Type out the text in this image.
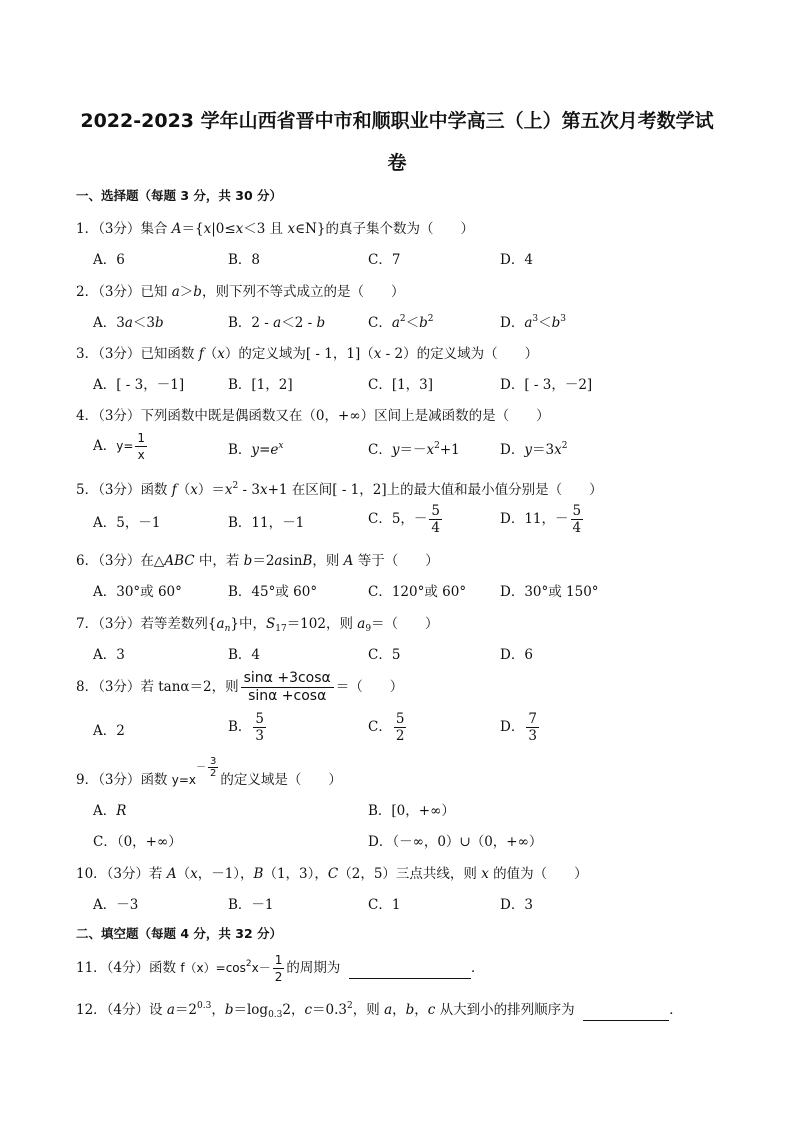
2022-2023 学年山西省晋中市和顺职业中学高三（上）第五次月考数学试
卷
一、选择题（每题 3 分，共 30 分）
1．（3分）集合 A＝{x|0≤x＜3 且 x∈N}的真子集个数为（　　）
A．6	B．8	C．7	D．4
2．（3分）已知 a＞b，则下列不等式成立的是（　　）
A．3a＜3b	B．2 - a＜2 - b	C．$a^2<b^2$	D．$a^3<b^3$
3．（3分）已知函数 f（x）的定义域为[ - 1，1]（x - 2）的定义域为（　　）
A．[ - 3，－1]	B．[1，2]	C．[1，3]	D．[ - 3，－2]
4．（3分）下列函数中既是偶函数又在（0，+∞）区间上是减函数的是（　　）
A．$y= \frac{1}{x}$	B．$y=e^x$	C．$y=-x^2+1$	D．$y=3x^2$
5．（3分）函数 $f(x)=x^2 - 3x+1$ 在区间[ - 1，2]上的最大值和最小值分别是（　　）
A．5，－1	B．11，－1	C．5，－ $\frac{5}{4}$	D．11，－ $\frac{5}{4}$
6．（3分）在△ABC 中，若 b＝2asinB，则 A 等于（　　）
A．30°或 60°	B．45°或 60°	C．120°或 60°	D．30°或 150°
7．（3分）若等差数列$\{a_n\}$中，$S_{17}=102$，则 $a_9=$（　　）
A．3	B．4	C．5	D．6
8．（3分）若 tanα＝2，则 $\frac{\sin\alpha +3\cos\alpha}{\sin\alpha +\cos\alpha}$ ＝（　　）
A．2	B． $\frac{5}{3}$	C． $\frac{5}{2}$	D． $\frac{7}{3}$
9．（3分）函数 $y=x^{- \frac{3}{2}}$
的定义域是（　　）
A．R	B．[0，+∞）
C．（0，+∞）	D．（－∞，0）∪（0，+∞）
10．（3分）若 A（x，－1），B（1，3），C（2，5）三点共线，则 x 的值为（　　）
A．－3	B．－1	C．1	D．3
二、填空题（每题 4 分，共 32 分）
11．（4分）函数 $f(x)=\cos^2x- \frac{1}{2}$ 的周期为	．
12．（4分）设 $a=2^{0.3}$，$b=\log_{0.3}2$，$c=0.3^2$，则 a，b，c 从大到小的排列顺序为	．
